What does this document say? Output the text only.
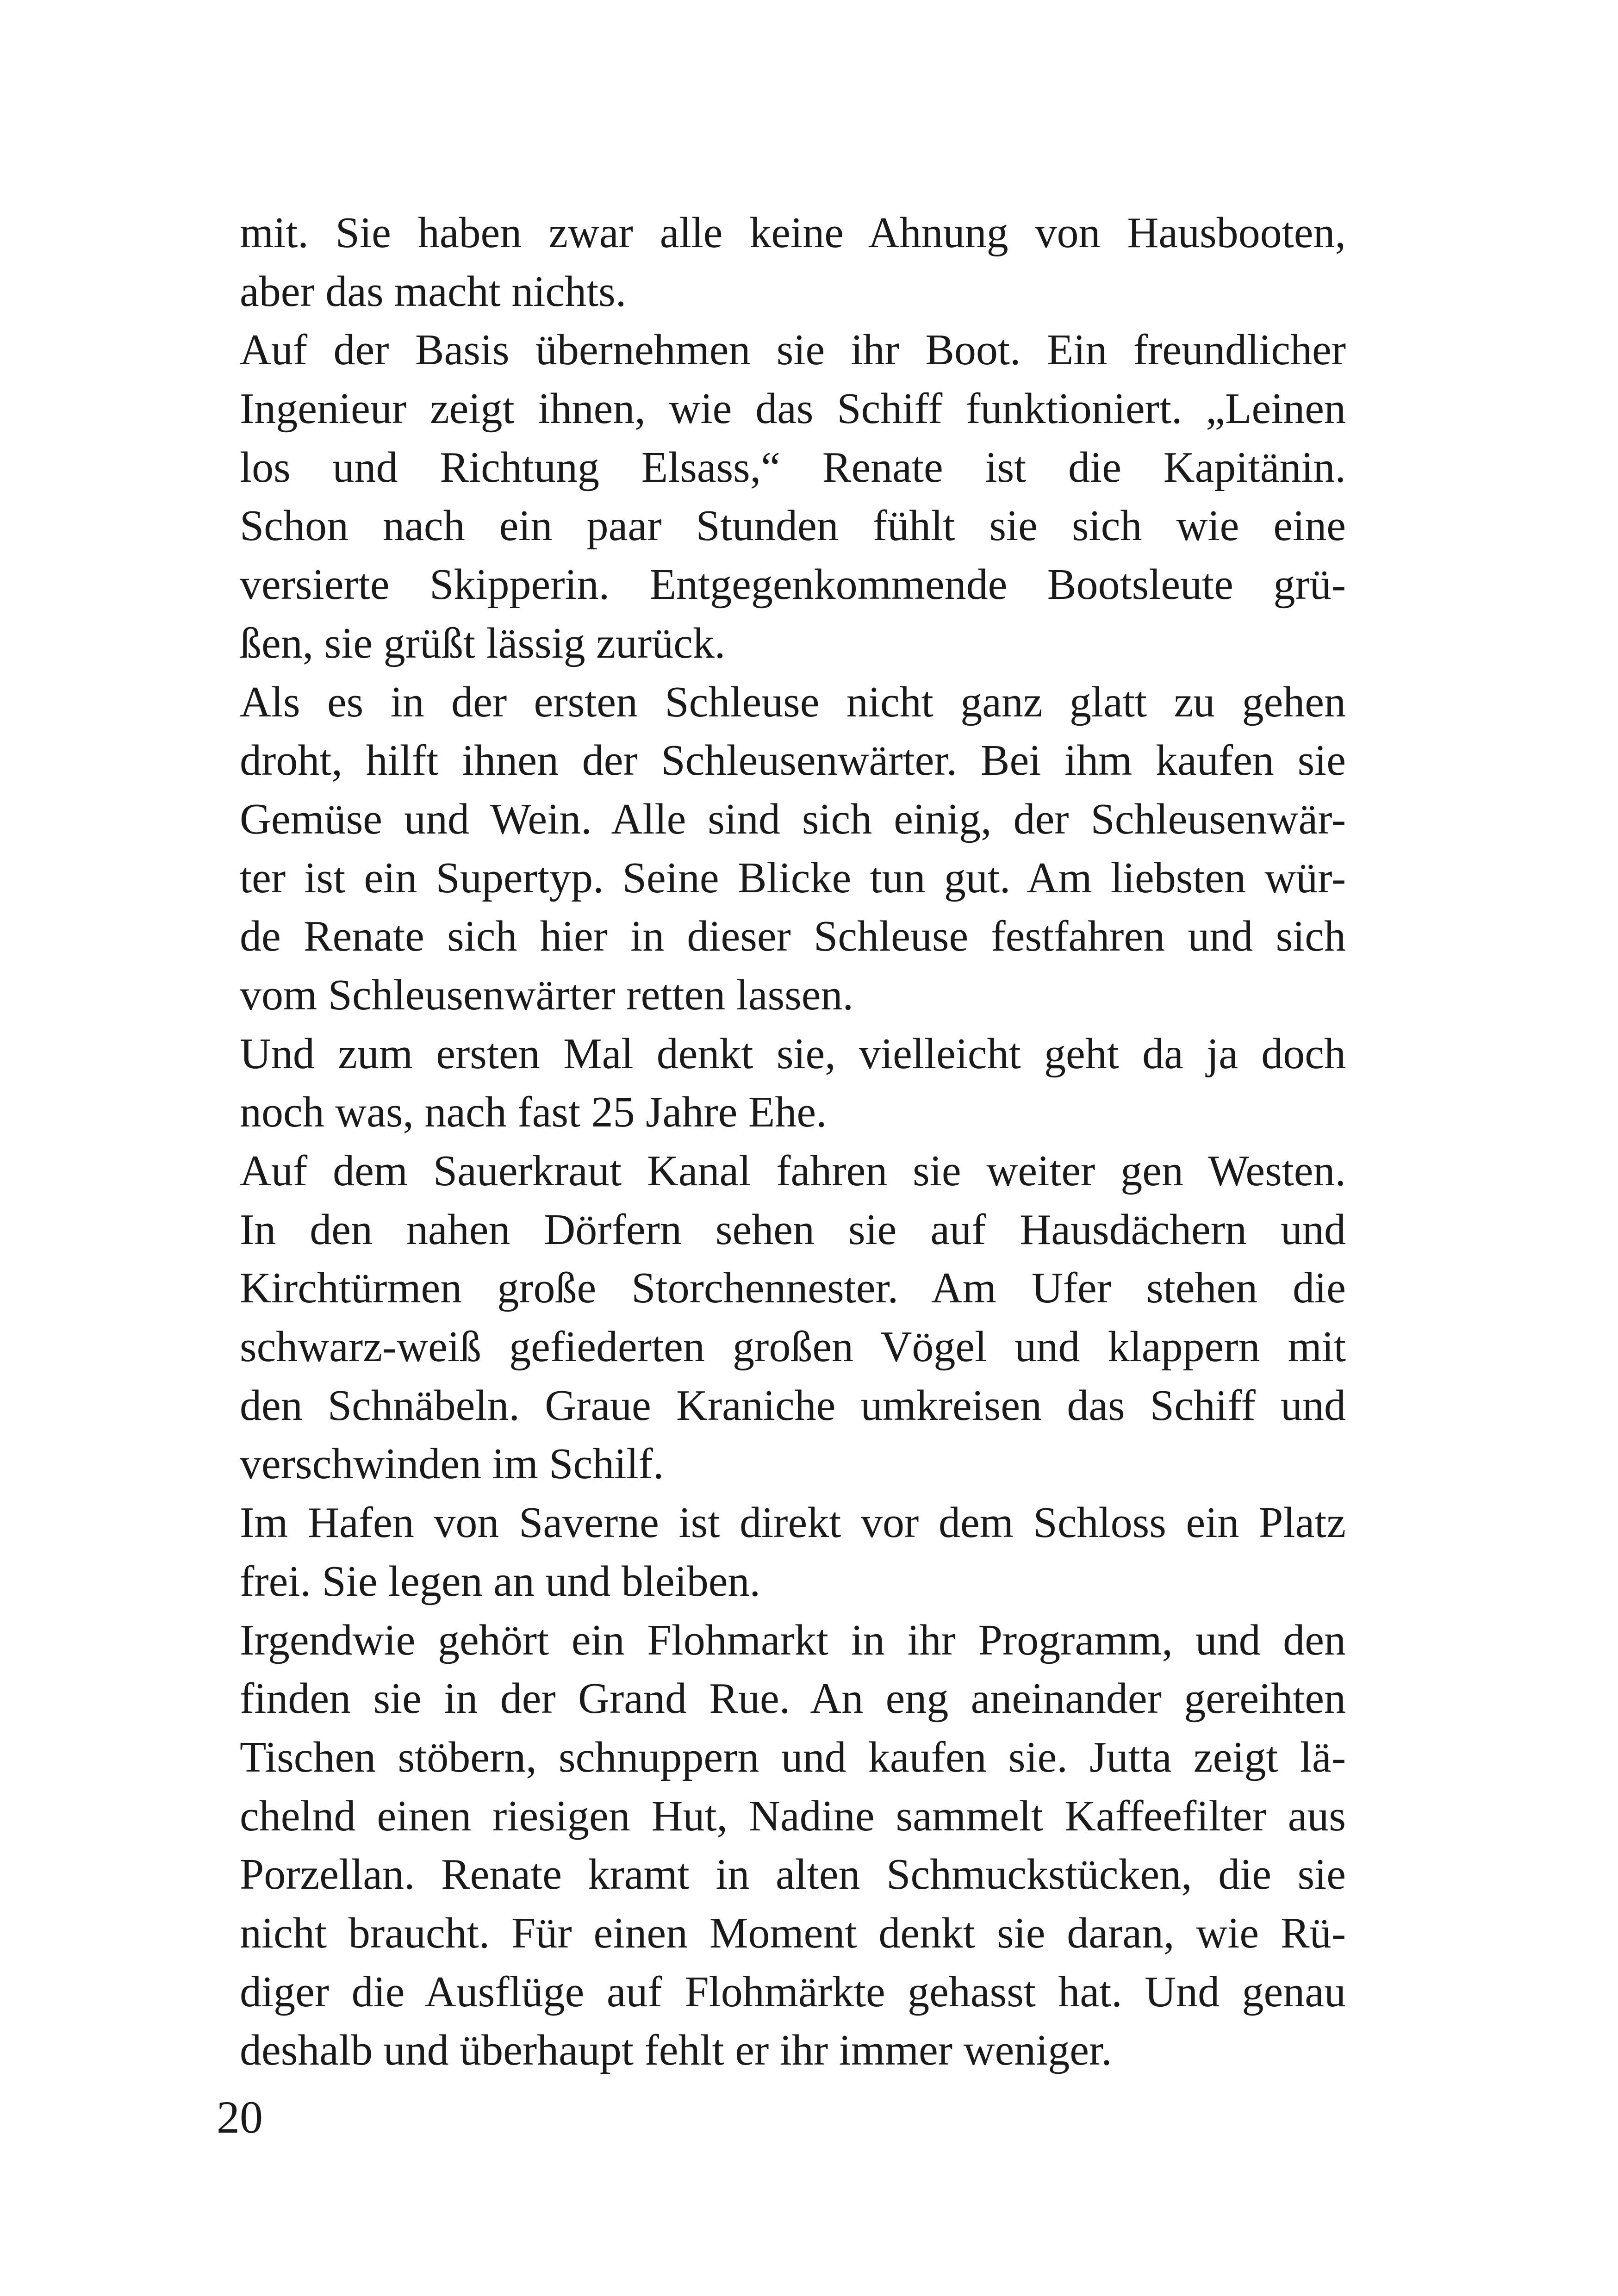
mit. Sie haben zwar alle keine Ahnung von Hausbooten,
aber das macht nichts.
Auf der Basis übernehmen sie ihr Boot. Ein freundlicher
Ingenieur zeigt ihnen, wie das Schiff funktioniert. „Leinen
los und Richtung Elsass,“ Renate ist die Kapitänin.
Schon nach ein paar Stunden fühlt sie sich wie eine
versierte Skipperin. Entgegenkommende Bootsleute grü-
ßen, sie grüßt lässig zurück.
Als es in der ersten Schleuse nicht ganz glatt zu gehen
droht, hilft ihnen der Schleusenwärter. Bei ihm kaufen sie
Gemüse und Wein. Alle sind sich einig, der Schleusenwär-
ter ist ein Supertyp. Seine Blicke tun gut. Am liebsten wür-
de Renate sich hier in dieser Schleuse festfahren und sich
vom Schleusenwärter retten lassen.
Und zum ersten Mal denkt sie, vielleicht geht da ja doch
noch was, nach fast 25 Jahre Ehe.
Auf dem Sauerkraut Kanal fahren sie weiter gen Westen.
In den nahen Dörfern sehen sie auf Hausdächern und
Kirchtürmen große Storchennester. Am Ufer stehen die
schwarz-weiß gefiederten großen Vögel und klappern mit
den Schnäbeln. Graue Kraniche umkreisen das Schiff und
verschwinden im Schilf.
Im Hafen von Saverne ist direkt vor dem Schloss ein Platz
frei. Sie legen an und bleiben.
Irgendwie gehört ein Flohmarkt in ihr Programm, und den
finden sie in der Grand Rue. An eng aneinander gereihten
Tischen stöbern, schnuppern und kaufen sie. Jutta zeigt lä-
chelnd einen riesigen Hut, Nadine sammelt Kaffeefilter aus
Porzellan. Renate kramt in alten Schmuckstücken, die sie
nicht braucht. Für einen Moment denkt sie daran, wie Rü-
diger die Ausflüge auf Flohmärkte gehasst hat. Und genau
deshalb und überhaupt fehlt er ihr immer weniger.
20
